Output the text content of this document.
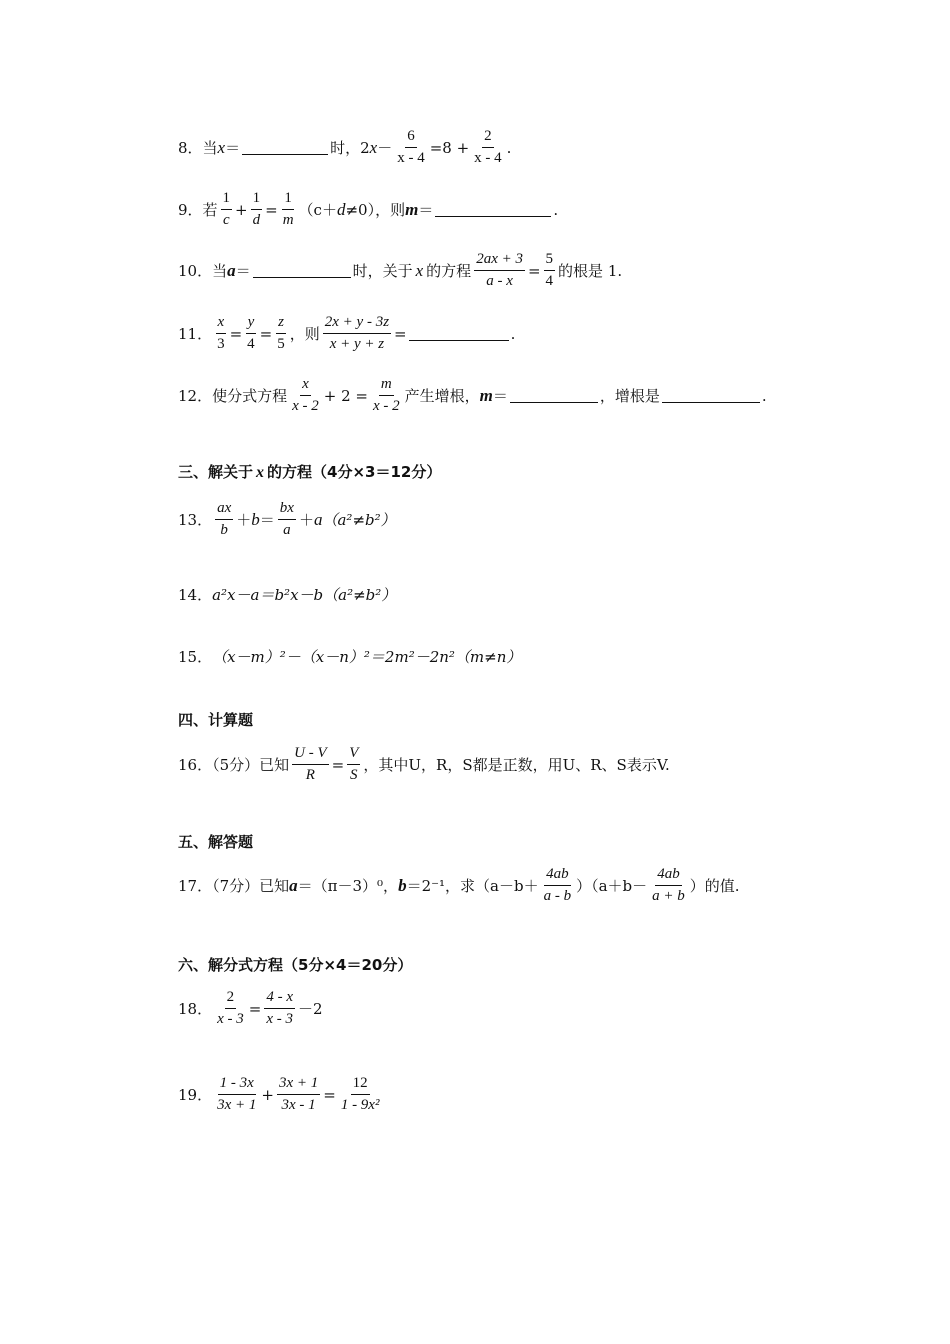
8．当 x ＝	时，2 $x - \frac{6}{x - 4} =8 + \frac{2}{x - 4}$ .
9．若
1
c
+ $\frac{1}{d} = \frac{1}{m} (c+ d \ne 0)$，则 m ＝	.
10．当 a ＝	时，关于 x 的方程 $\frac{2ax + 3}{a - x} = \frac{5}{4}$ 的根是 1.
11． $\frac{x}{3} = \frac{y}{4} = \frac{z}{5}$ ，则 $\frac{2x + y - 3z}{x + y + z}$ =	.
12．使分式方程
x
x - 2
+ $2 = \frac{m}{x - 2}$ 产生增根， m ＝	，增根是	.
三、解关于 x 的方程（4分×3＝12分）
13．
ax
b
＋ b ＝
bx
a
＋ a （a²≠b²）
14． a²x－a＝b²x－b（a²≠b²）
15． （x－m）²－（x－n）²＝2m²－2n²（m≠n）
四、计算题
16．（5分）已知 $\frac{U - V}{R} = \frac{V}{S}$ ，其中U，R，S都是正数，用U、R、S表示V.
五、解答题
17．（7分）已知 a ＝（π－3）⁰， b ＝2⁻¹，求（a－b＋
4ab
a - b
）（a＋b－
4ab
a + b
）的值.
六、解分式方程（5分×4＝20分）
18． $\frac{2}{x - 3} = \frac{4 - x}{x - 3} -2$
19．
1 - 3x
3x + 1
+ $\frac{3x + 1}{3x - 1} = \frac{12}{\text{1 - 9x²}}$
